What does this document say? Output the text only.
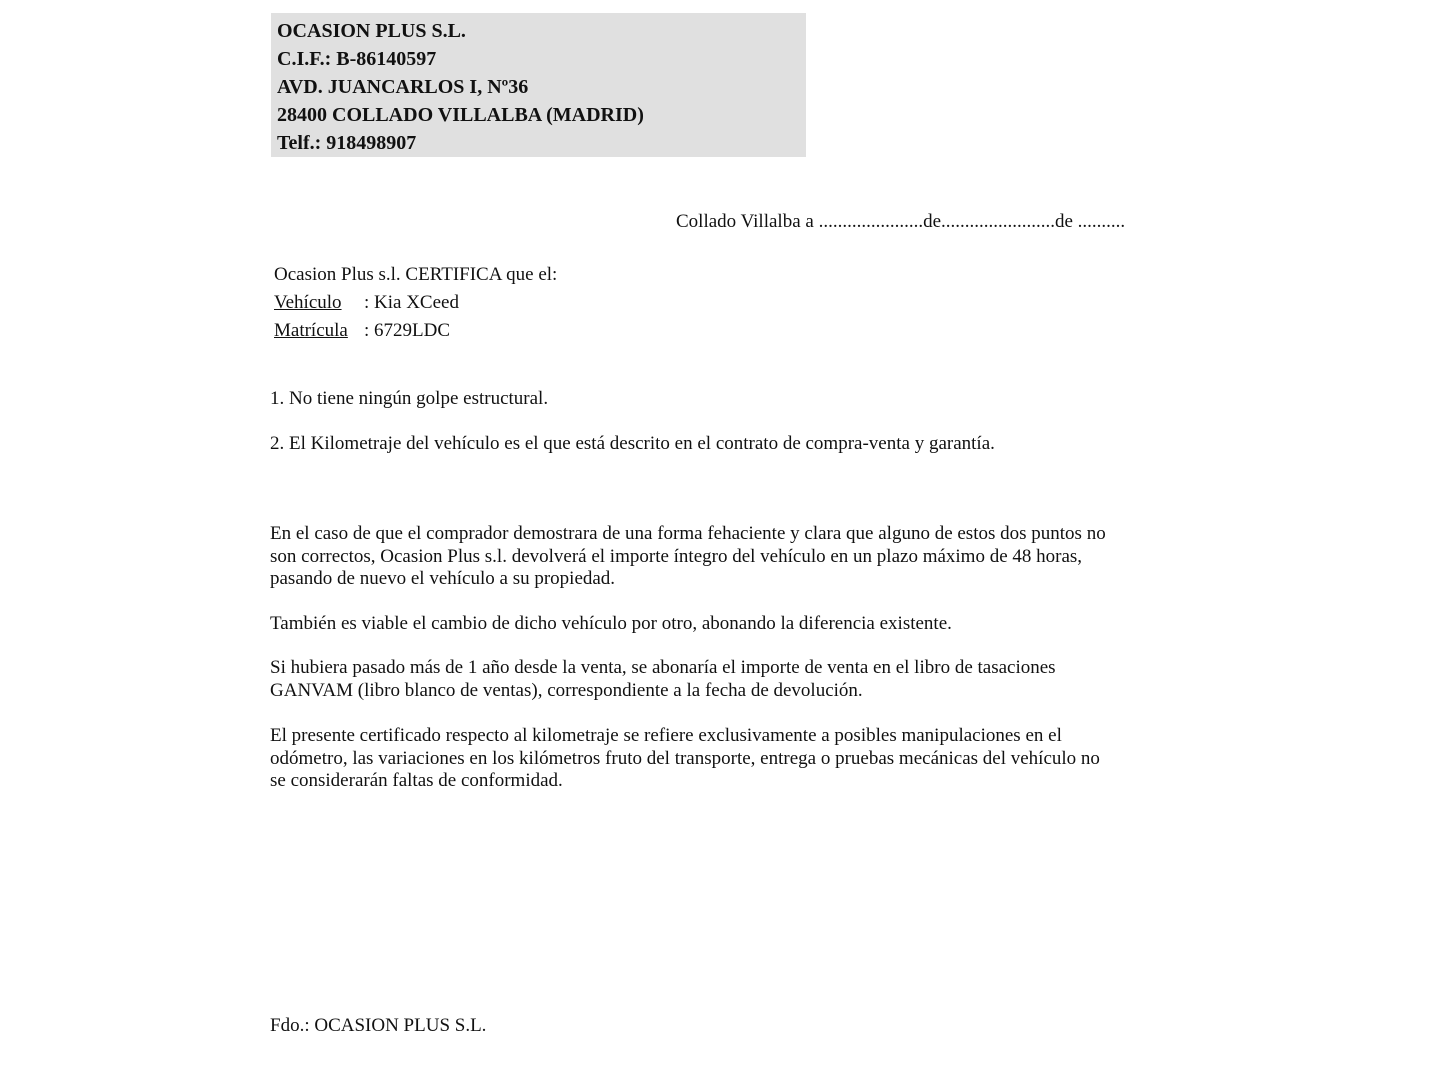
OCASION PLUS S.L.
C.I.F.: B-86140597
AVD. JUANCARLOS I, Nº36
28400 COLLADO VILLALBA (MADRID)
Telf.: 918498907
Collado Villalba a ......................de........................de ..........
Ocasion Plus s.l. CERTIFICA que el:
Vehículo	: Kia XCeed
Matrícula : 6729LDC

1. No tiene ningún golpe estructural.

2. El Kilometraje del vehículo es el que está descrito en el contrato de compra-venta y garantía.

En el caso de que el comprador demostrara de una forma fehaciente y clara que alguno de estos dos puntos no
son correctos, Ocasion Plus s.l. devolverá el importe íntegro del vehículo en un plazo máximo de 48 horas,
pasando de nuevo el vehículo a su propiedad.

También es viable el cambio de dicho vehículo por otro, abonando la diferencia existente.

Si hubiera pasado más de 1 año desde la venta, se abonaría el importe de venta en el libro de tasaciones
GANVAM (libro blanco de ventas), correspondiente a la fecha de devolución.

El presente certificado respecto al kilometraje se refiere exclusivamente a posibles manipulaciones en el
odómetro, las variaciones en los kilómetros fruto del transporte, entrega o pruebas mecánicas del vehículo no
se considerarán faltas de conformidad.

Fdo.: OCASION PLUS S.L.
